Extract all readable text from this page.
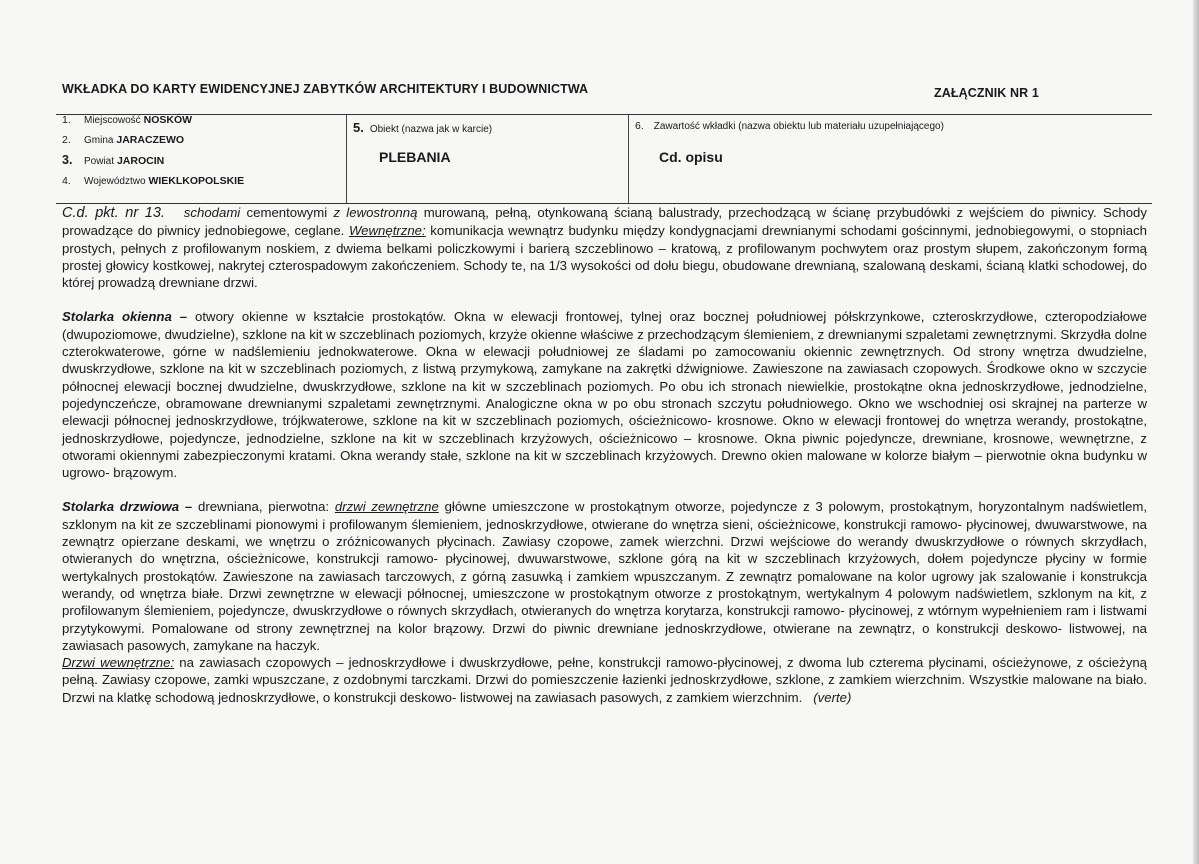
WKŁADKA DO KARTY EWIDENCYJNEJ ZABYTKÓW ARCHITEKTURY I BUDOWNICTWA	ZAŁĄCZNIK NR 1
1. Miejscowość NOSKÓW
2. Gmina JARACZEWO
3. Powiat JAROCIN
4. Województwo WIEKLKOPOLSKIE
5. Obiekt (nazwa jak w karcie)
PLEBANIA
6. Zawartość wkładki (nazwa obiektu lub materiału uzupełniającego)
Cd. opisu

C.d. pkt. nr 13. schodami cementowymi z lewostronną murowaną, pełną, otynkowaną ścianą balustrady, przechodzącą w ścianę przybudówki z wejściem do piwnicy. Schody prowadzące do piwnicy jednobiegowe, ceglane. Wewnętrzne: komunikacja wewnątrz budynku między kondygnacjami drewnianymi schodami gościnnymi, jednobiegowymi, o stopniach prostych, pełnych z profilowanym noskiem, z dwiema belkami policzkowymi i barierą szczeblinowo – kratową, z profilowanym pochwytem oraz prostym słupem, zakończonym formą prostej głowicy kostkowej, nakrytej czterospadowym zakończeniem. Schody te, na 1/3 wysokości od dołu biegu, obudowane drewnianą, szalowaną deskami, ścianą klatki schodowej, do której prowadzą drewniane drzwi.

Stolarka okienna – otwory okienne w kształcie prostokątów. Okna w elewacji frontowej, tylnej oraz bocznej południowej półskrzynkowe, czteroskrzydłowe, czteropodziałowe (dwupoziomowe, dwudzielne), szklone na kit w szczeblinach poziomych, krzyże okienne właściwe z przechodzącym ślemieniem, z drewnianymi szpaletami zewnętrznymi. Skrzydła dolne czterokwaterowe, górne w nadślemieniu jednokwaterowe. Okna w elewacji południowej ze śladami po zamocowaniu okiennic zewnętrznych. Od strony wnętrza dwudzielne, dwuskrzydłowe, szklone na kit w szczeblinach poziomych, z listwą przymykową, zamykane na zakrętki dźwigniowe. Zawieszone na zawiasach czopowych. Środkowe okno w szczycie północnej elewacji bocznej dwudzielne, dwuskrzydłowe, szklone na kit w szczeblinach poziomych. Po obu ich stronach niewielkie, prostokątne okna jednoskrzydłowe, jednodzielne, pojedynczeńcze, obramowane drewnianymi szpaletami zewnętrznymi. Analogiczne okna w po obu stronach szczytu południowego. Okno we wschodniej osi skrajnej na parterze w elewacji północnej jednoskrzydłowe, trójkwaterowe, szklone na kit w szczeblinach poziomych, ościeżnicowo- krosnowe. Okno w elewacji frontowej do wnętrza werandy, prostokątne, jednoskrzydłowe, pojedyncze, jednodzielne, szklone na kit w szczeblinach krzyżowych, ościeżnicowo – krosnowe. Okna piwnic pojedyncze, drewniane, krosnowe, wewnętrzne, z otworami okiennymi zabezpieczonymi kratami. Okna werandy stałe, szklone na kit w szczeblinach krzyżowych. Drewno okien malowane w kolorze białym – pierwotnie okna budynku w ugrowo- brązowym.

Stolarka drzwiowa – drewniana, pierwotna: drzwi zewnętrzne główne umieszczone w prostokątnym otworze, pojedyncze z 3 polowym, prostokątnym, horyzontalnym nadświetlem, szklonym na kit ze szczeblinami pionowymi i profilowanym ślemieniem, jednoskrzydłowe, otwierane do wnętrza sieni, ościeżnicowe, konstrukcji ramowo- płycinowej, dwuwarstwowe, na zewnątrz opierzane deskami, we wnętrzu o zróżnicowanych płycinach. Zawiasy czopowe, zamek wierzchni. Drzwi wejściowe do werandy dwuskrzydłowe o równych skrzydłach, otwieranych do wnętrzna, ościeżnicowe, konstrukcji ramowo- płycinowej, dwuwarstwowe, szklone górą na kit w szczeblinach krzyżowych, dołem pojedyncze płyciny w formie wertykalnych prostokątów. Zawieszone na zawiasach tarczowych, z górną zasuwką i zamkiem wpuszczanym. Z zewnątrz pomalowane na kolor ugrowy jak szalowanie i konstrukcja werandy, od wnętrza białe. Drzwi zewnętrzne w elewacji północnej, umieszczone w prostokątnym otworze z prostokątnym, wertykalnym 4 polowym nadświetlem, szklonym na kit, z profilowanym ślemieniem, pojedyncze, dwuskrzydłowe o równych skrzydłach, otwieranych do wnętrza korytarza, konstrukcji ramowo- płycinowej, z wtórnym wypełnieniem ram i listwami przytykowymi. Pomalowane od strony zewnętrznej na kolor brązowy. Drzwi do piwnic drewniane jednoskrzydłowe, otwierane na zewnątrz, o konstrukcji deskowo- listwowej, na zawiasach pasowych, zamykane na haczyk.
Drzwi wewnętrzne: na zawiasach czopowych – jednoskrzydłowe i dwuskrzydłowe, pełne, konstrukcji ramowo-płycinowej, z dwoma lub czterema płycinami, ościeżynowe, z ościeżyną pełną. Zawiasy czopowe, zamki wpuszczane, z ozdobnymi tarczkami. Drzwi do pomieszczenie łazienki jednoskrzydłowe, szklone, z zamkiem wierzchnim. Wszystkie malowane na biało. Drzwi na klatkę schodową jednoskrzydłowe, o konstrukcji deskowo- listwowej na zawiasach pasowych, z zamkiem wierzchnim. (verte)
